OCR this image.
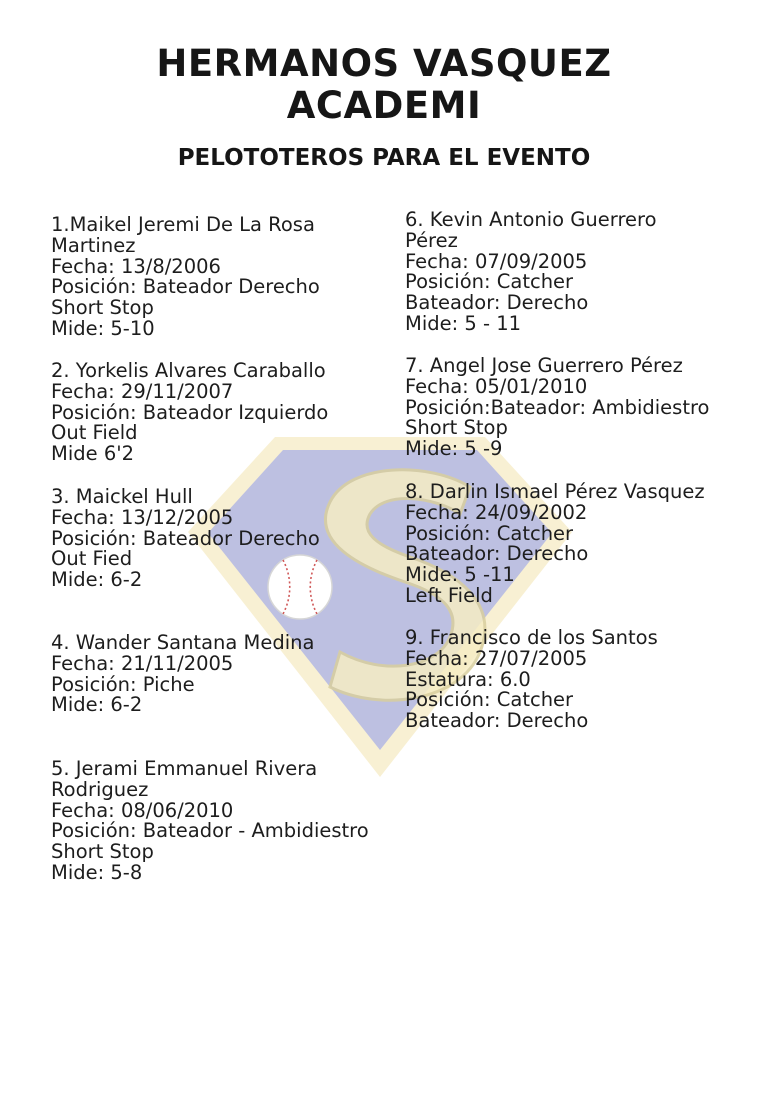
HERMANOS VASQUEZ
ACADEMI
PELOTOTEROS PARA EL EVENTO
1.Maikel Jeremi De La Rosa
Martinez
Fecha: 13/8/2006
Posición: Bateador Derecho
Short Stop
Mide: 5-10
2. Yorkelis Alvares Caraballo
Fecha: 29/11/2007
Posición: Bateador Izquierdo
Out Field
Mide 6'2
3. Maickel Hull
Fecha: 13/12/2005
Posición: Bateador Derecho
Out Fied
Mide: 6-2
4. Wander Santana Medina
Fecha: 21/11/2005
Posición: Piche
Mide: 6-2
5. Jerami Emmanuel Rivera
Rodriguez
Fecha: 08/06/2010
Posición: Bateador - Ambidiestro
Short Stop
Mide: 5-8
6. Kevin Antonio Guerrero
Pérez
Fecha: 07/09/2005
Posición: Catcher
Bateador: Derecho
Mide: 5 - 11
7. Angel Jose Guerrero Pérez
Fecha: 05/01/2010
Posición:Bateador: Ambidiestro
Short Stop
Mide: 5 -9
8. Darlin Ismael Pérez Vasquez
Fecha: 24/09/2002
Posición: Catcher
Bateador: Derecho
Mide: 5 -11
Left Field
9. Francisco de los Santos
Fecha: 27/07/2005
Estatura: 6.0
Posición: Catcher
Bateador: Derecho
